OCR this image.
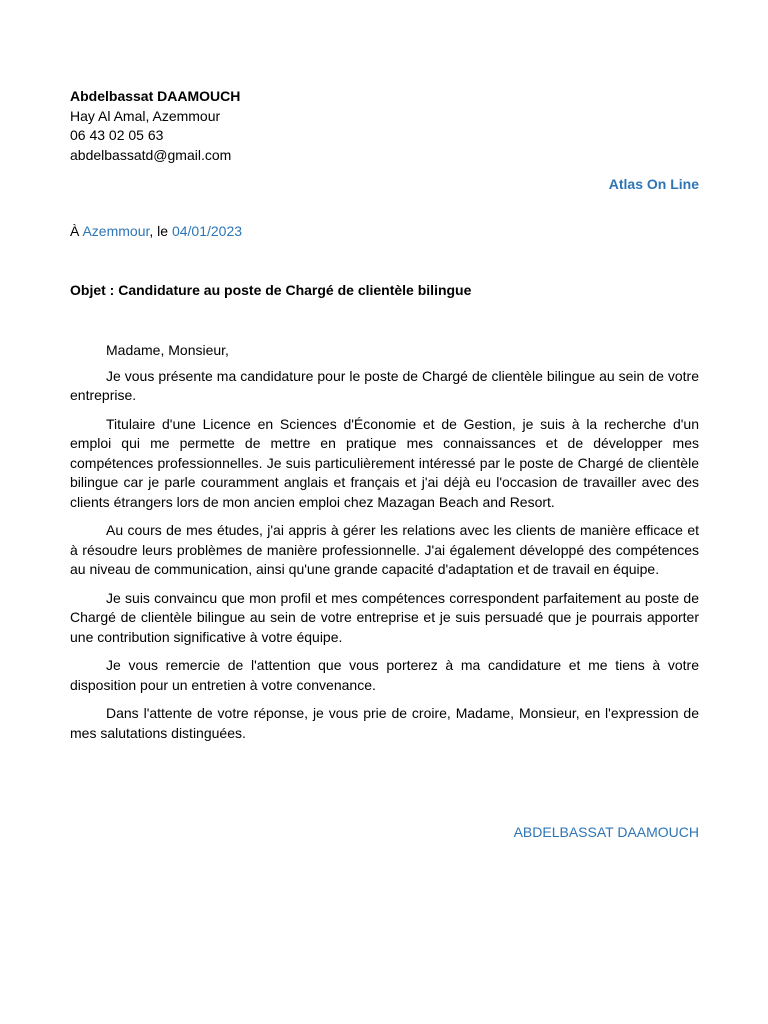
Abdelbassat DAAMOUCH
Hay Al Amal, Azemmour
06 43 02 05 63
abdelbassatd@gmail.com
Atlas On Line
À Azemmour, le 04/01/2023
Objet : Candidature au poste de Chargé de clientèle bilingue

Madame, Monsieur,

Je vous présente ma candidature pour le poste de Chargé de clientèle bilingue au sein de votre entreprise.

Titulaire d'une Licence en Sciences d'Économie et de Gestion, je suis à la recherche d'un emploi qui me permette de mettre en pratique mes connaissances et de développer mes compétences professionnelles. Je suis particulièrement intéressé par le poste de Chargé de clientèle bilingue car je parle couramment anglais et français et j'ai déjà eu l'occasion de travailler avec des clients étrangers lors de mon ancien emploi chez Mazagan Beach and Resort.

Au cours de mes études, j'ai appris à gérer les relations avec les clients de manière efficace et à résoudre leurs problèmes de manière professionnelle. J'ai également développé des compétences au niveau de communication, ainsi qu'une grande capacité d'adaptation et de travail en équipe.

Je suis convaincu que mon profil et mes compétences correspondent parfaitement au poste de Chargé de clientèle bilingue au sein de votre entreprise et je suis persuadé que je pourrais apporter une contribution significative à votre équipe.

Je vous remercie de l'attention que vous porterez à ma candidature et me tiens à votre disposition pour un entretien à votre convenance.

Dans l'attente de votre réponse, je vous prie de croire, Madame, Monsieur, en l'expression de mes salutations distinguées.

ABDELBASSAT DAAMOUCH
